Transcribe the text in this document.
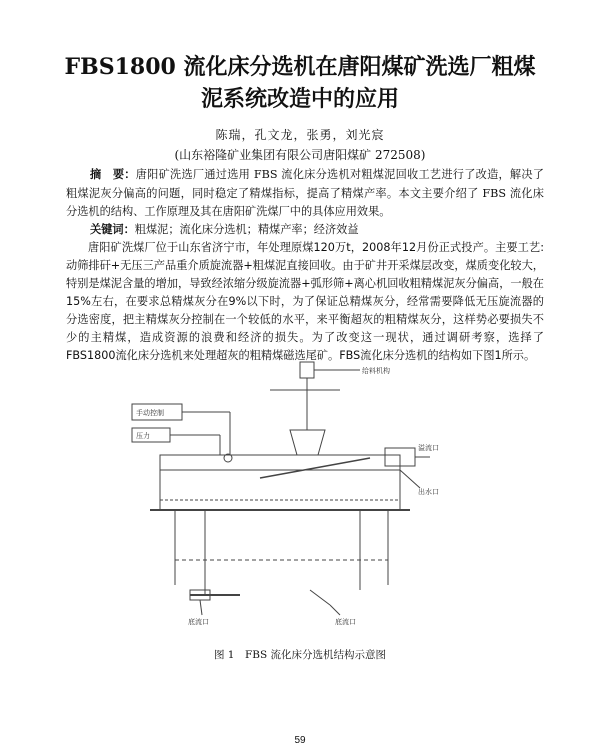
FBS1800 流化床分选机在唐阳煤矿洗选厂粗煤
泥系统改造中的应用
陈瑞，孔文龙，张勇，刘光宸
(山东裕隆矿业集团有限公司唐阳煤矿 272508)

摘　要：唐阳矿洗选厂通过选用 FBS 流化床分选机对粗煤泥回收工艺进行了改造，解决了粗煤泥灰分偏高的问题，同时稳定了精煤指标，提高了精煤产率。本文主要介绍了 FBS 流化床分选机的结构、工作原理及其在唐阳矿洗煤厂中的具体应用效果。

关键词：粗煤泥；流化床分选机；精煤产率；经济效益

唐阳矿洗煤厂位于山东省济宁市，年处理原煤120万t，2008年12月份正式投产。主要工艺:动筛排矸+无压三产品重介质旋流器+粗煤泥直接回收。由于矿井开采煤层改变，煤质变化较大，特别是煤泥含量的增加，导致经浓缩分级旋流器+弧形筛+离心机回收粗精煤泥灰分偏高，一般在15%左右，在要求总精煤灰分在9%以下时，为了保证总精煤灰分，经常需要降低无压旋流器的分选密度，把主精煤灰分控制在一个较低的水平，来平衡超灰的粗精煤灰分，这样势必要损失不少的主精煤，造成资源的浪费和经济的损失。为了改变这一现状，通过调研考察，选择了FBS1800流化床分选机来处理超灰的粗精煤磁选尾矿。FBS流化床分选机的结构如下图1所示。

给料机构
手动控制
压力
溢流口
出水口
底流口	底流口
图 1　FBS 流化床分选机结构示意图
59
